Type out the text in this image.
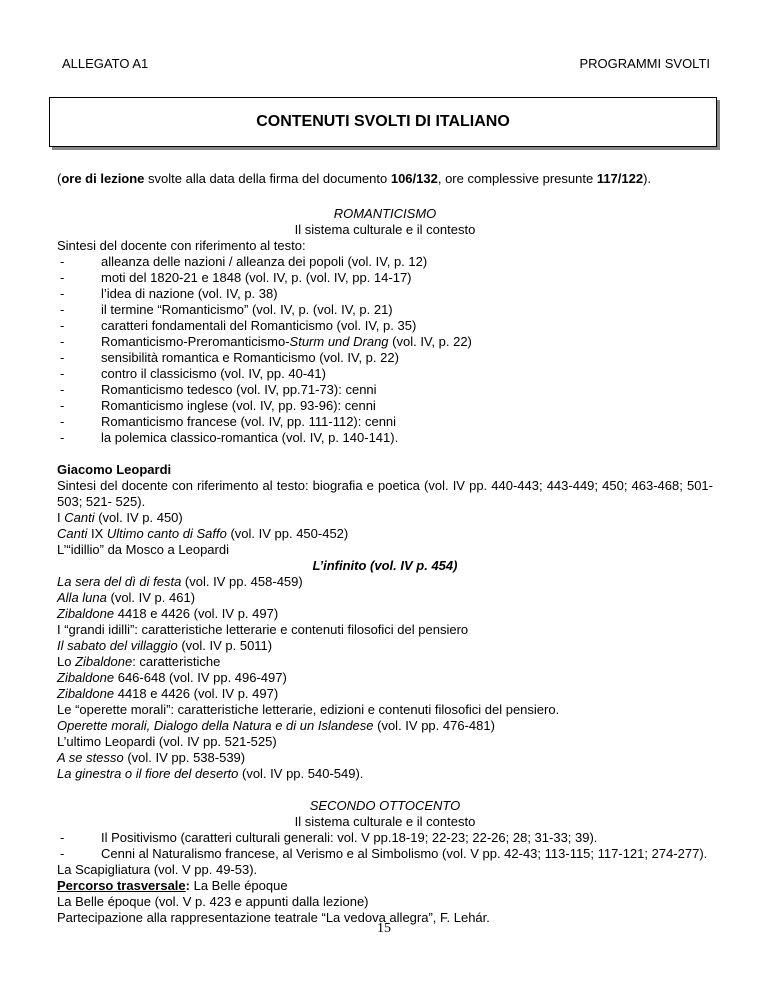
ALLEGATO A1	PROGRAMMI SVOLTI
CONTENUTI SVOLTI DI ITALIANO

(ore di lezione svolte alla data della firma del documento 106/132, ore complessive presunte 117/122).

ROMANTICISMO

Il sistema culturale e il contesto

Sintesi del docente con riferimento al testo:

- alleanza delle nazioni / alleanza dei popoli (vol. IV, p. 12)
- moti del 1820-21 e 1848 (vol. IV, p. (vol. IV, pp. 14-17)
- l’idea di nazione (vol. IV, p. 38)
- il termine “Romanticismo” (vol. IV, p. (vol. IV, p. 21)
- caratteri fondamentali del Romanticismo (vol. IV, p. 35)
- Romanticismo-Preromanticismo-Sturm und Drang (vol. IV, p. 22)
- sensibilità romantica e Romanticismo (vol. IV, p. 22)
- contro il classicismo (vol. IV, pp. 40-41)
- Romanticismo tedesco (vol. IV, pp.71-73): cenni
- Romanticismo inglese (vol. IV, pp. 93-96): cenni
- Romanticismo francese (vol. IV, pp. 111-112): cenni
- la polemica classico-romantica (vol. IV, p. 140-141).

Giacomo Leopardi

Sintesi del docente con riferimento al testo: biografia e poetica (vol. IV pp. 440-443; 443-449; 450; 463-468; 501-503; 521- 525).

I Canti (vol. IV p. 450)

Canti IX Ultimo canto di Saffo (vol. IV pp. 450-452)

L’“idillio” da Mosco a Leopardi

L’infinito (vol. IV p. 454)

La sera del dì di festa (vol. IV pp. 458-459)

Alla luna (vol. IV p. 461)

Zibaldone 4418 e 4426 (vol. IV p. 497)

I “grandi idilli”: caratteristiche letterarie e contenuti filosofici del pensiero

Il sabato del villaggio (vol. IV p. 5011)

Lo Zibaldone: caratteristiche

Zibaldone 646-648 (vol. IV pp. 496-497)

Zibaldone 4418 e 4426 (vol. IV p. 497)

Le “operette morali”: caratteristiche letterarie, edizioni e contenuti filosofici del pensiero.

Operette morali, Dialogo della Natura e di un Islandese (vol. IV pp. 476-481)

L’ultimo Leopardi (vol. IV pp. 521-525)

A se stesso (vol. IV pp. 538-539)

La ginestra o il fiore del deserto (vol. IV pp. 540-549).

SECONDO OTTOCENTO

Il sistema culturale e il contesto

- Il Positivismo (caratteri culturali generali: vol. V pp.18-19; 22-23; 22-26; 28; 31-33; 39).
- Cenni al Naturalismo francese, al Verismo e al Simbolismo (vol. V pp. 42-43; 113-115; 117-121; 274-277).

La Scapigliatura (vol. V pp. 49-53).

Percorso trasversale: La Belle époque

La Belle époque (vol. V p. 423 e appunti dalla lezione)

Partecipazione alla rappresentazione teatrale “La vedova allegra”, F. Lehár.

15
